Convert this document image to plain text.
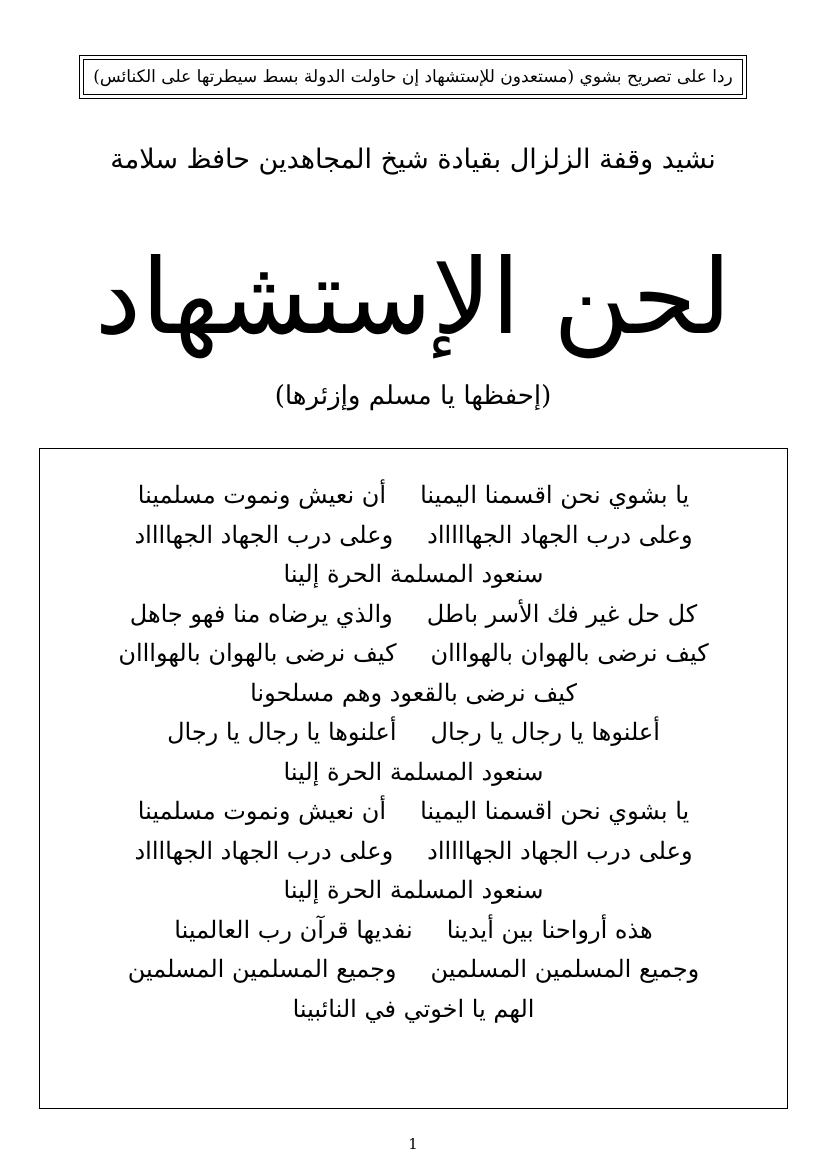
ردا على تصريح بشوي (مستعدون للإستشهاد إن حاولت الدولة بسط سيطرتها على الكنائس)
نشيد وقفة الزلزال بقيادة شيخ المجاهدين حافظ سلامة
لحن الإستشهاد
(إحفظها يا مسلم وإزئرها)
يا بشوي نحن اقسمنا اليميناأن نعيش ونموت مسلمينا
وعلى درب الجهاد الجهااااادوعلى درب الجهاد الجهااااد
سنعود المسلمة الحرة إلينا
كل حل غير فك الأسر باطلوالذي يرضاه منا فهو جاهل
كيف نرضى بالهوان بالهوااانكيف نرضى بالهوان بالهوااان
كيف نرضى بالقعود وهم مسلحونا
أعلنوها يا رجال يا رجالأعلنوها يا رجال يا رجال
سنعود المسلمة الحرة إلينا
يا بشوي نحن اقسمنا اليميناأن نعيش ونموت مسلمينا
وعلى درب الجهاد الجهااااادوعلى درب الجهاد الجهااااد
سنعود المسلمة الحرة إلينا
هذه أرواحنا بين أيدينانفديها قرآن رب العالمينا
وجميع المسلمين المسلمينوجميع المسلمين المسلمين
الهم يا اخوتي في النائبينا
1
